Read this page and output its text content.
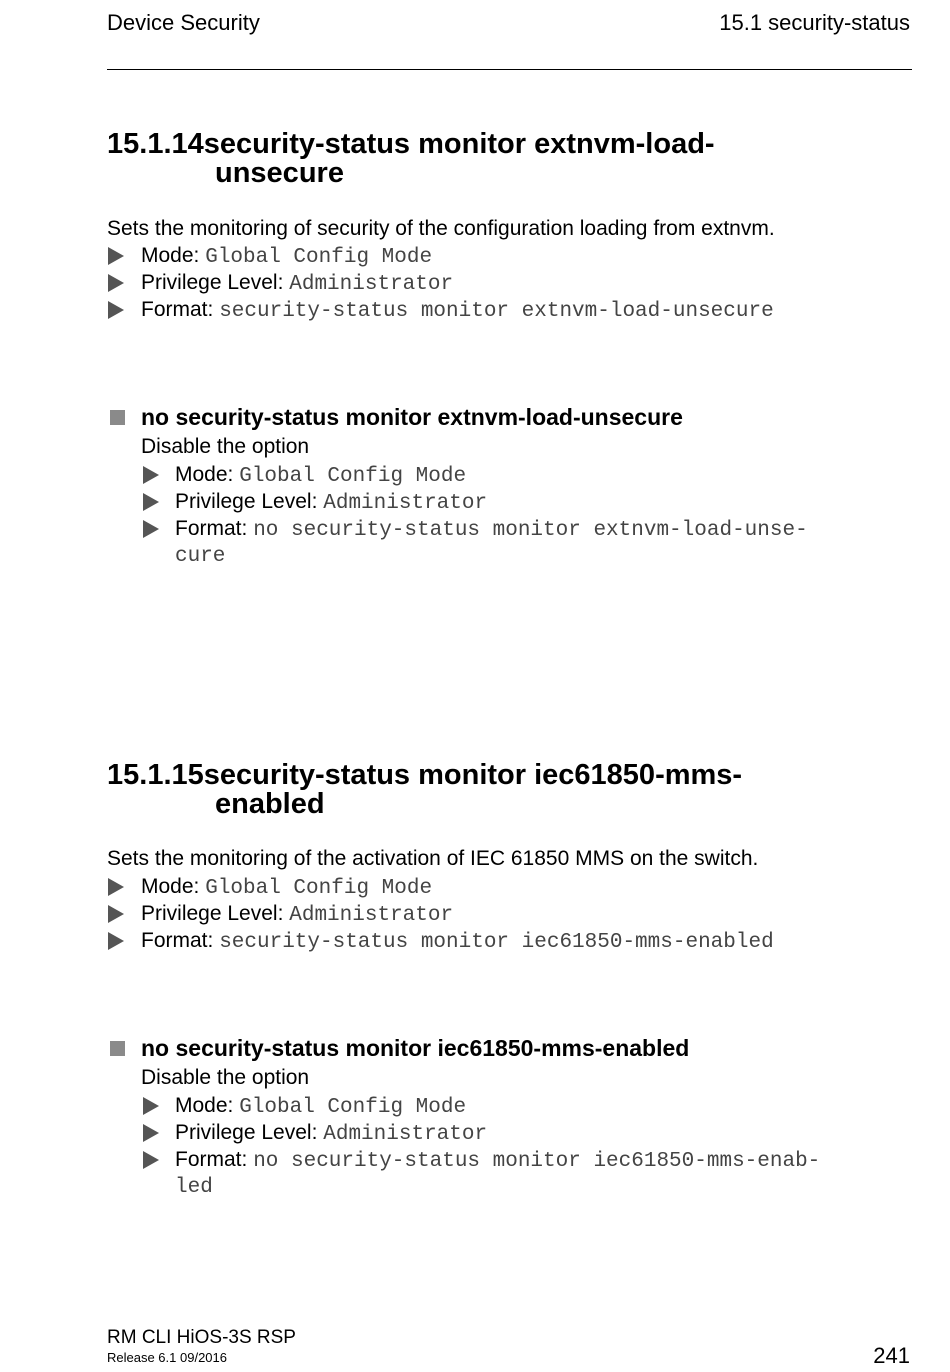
Device Security	15.1 security-status
15.1.14security-status monitor extnvm-load-
unsecure
Sets the monitoring of security of the configuration loading from extnvm.
Mode: Global Config Mode
Privilege Level: Administrator
Format: security-status monitor extnvm-load-unsecure
no security-status monitor extnvm-load-unsecure
Disable the option
Mode: Global Config Mode
Privilege Level: Administrator
Format: no security-status monitor extnvm-load-unse-
cure
15.1.15security-status monitor iec61850-mms-
enabled
Sets the monitoring of the activation of IEC 61850 MMS on the switch.
Mode: Global Config Mode
Privilege Level: Administrator
Format: security-status monitor iec61850-mms-enabled
no security-status monitor iec61850-mms-enabled
Disable the option
Mode: Global Config Mode
Privilege Level: Administrator
Format: no security-status monitor iec61850-mms-enab-
led
RM CLI HiOS-3S RSP
Release 6.1 09/2016	241
